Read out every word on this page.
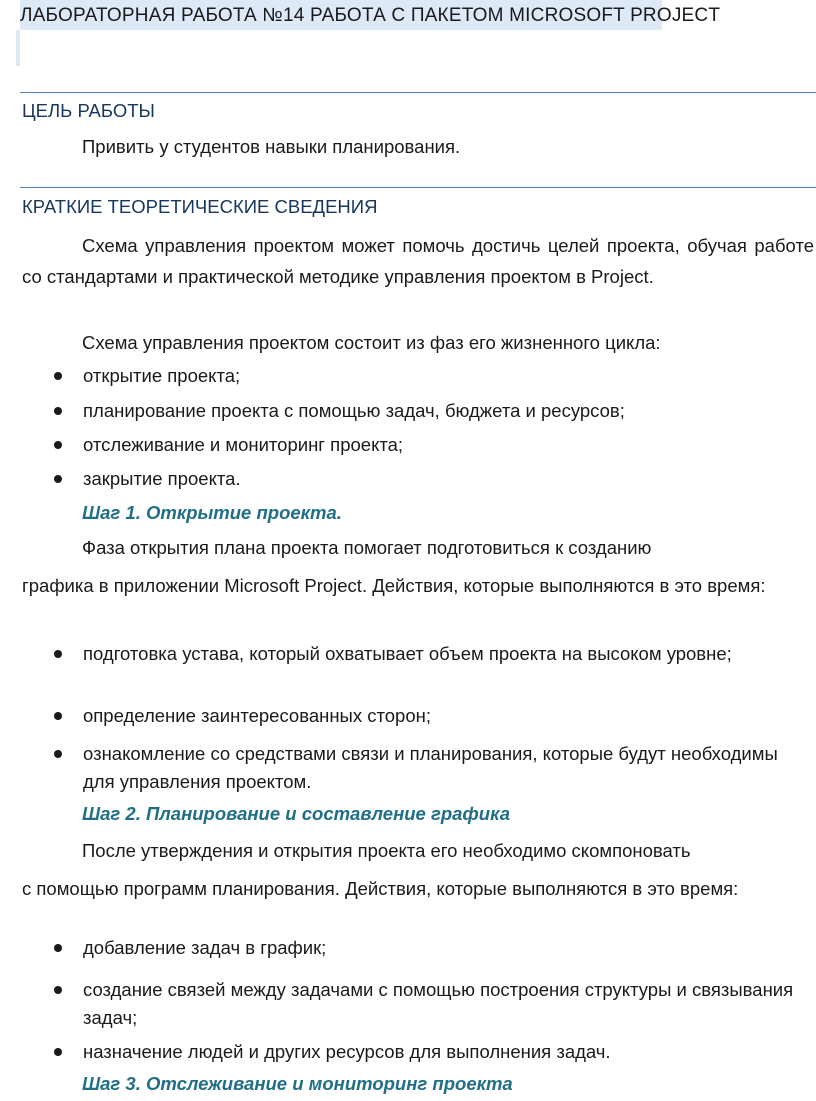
ЛАБОРАТОРНАЯ РАБОТА №14 РАБОТА С ПАКЕТОМ MICROSOFT PROJECT
ЦЕЛЬ РАБОТЫ
Привить у студентов навыки планирования.
КРАТКИЕ ТЕОРЕТИЧЕСКИЕ СВЕДЕНИЯ
Схема управления проектом может помочь достичь целей проекта, обучая работе со стандартами и практической методике управления проектом в Project.
Схема управления проектом состоит из фаз его жизненного цикла:
открытие проекта;
планирование проекта с помощью задач, бюджета и ресурсов;
отслеживание и мониторинг проекта;
закрытие проекта.
Шаг 1. Открытие проекта.
Фаза открытия плана проекта помогает подготовиться к созданию
графика в приложении Microsoft Project. Действия, которые выполняются в это время:
подготовка устава, который охватывает объем проекта на высоком уровне;
определение заинтересованных сторон;
ознакомление со средствами связи и планирования, которые будут необходимы для управления проектом.
Шаг 2. Планирование и составление графика
После утверждения и открытия проекта его необходимо скомпоновать
с помощью программ планирования. Действия, которые выполняются в это время:
добавление задач в график;
создание связей между задачами с помощью построения структуры и связывания задач;
назначение людей и других ресурсов для выполнения задач.
Шаг 3. Отслеживание и мониторинг проекта
